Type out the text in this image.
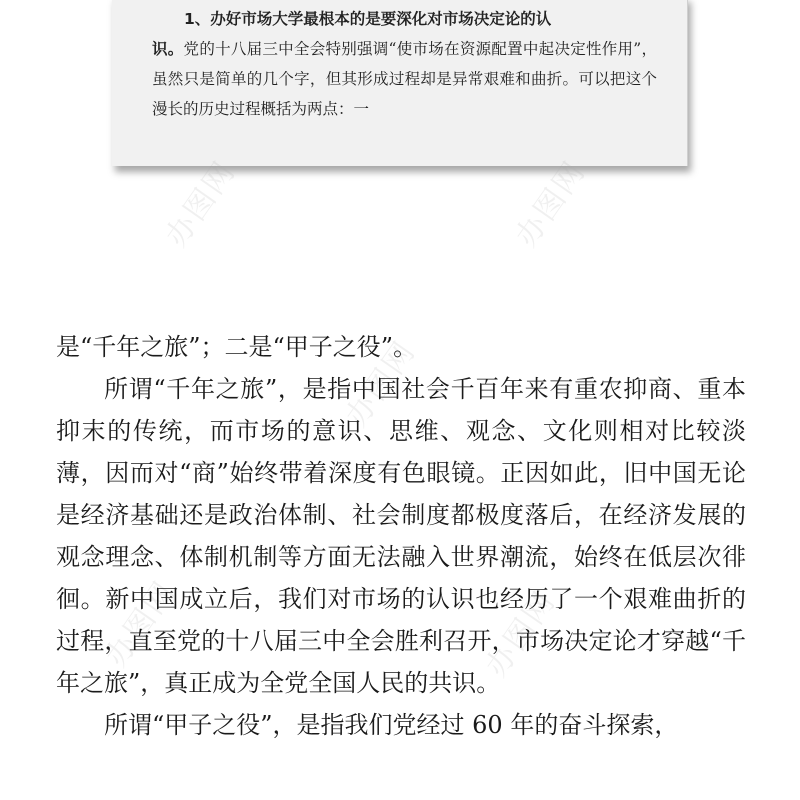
1、办好市场大学最根本的是要深化对市场决定论的认
识。党的十八届三中全会特别强调“使市场在资源配置中起决定性作用”，虽然只是简单的几个字，但其形成过程却是异常艰难和曲折。可以把这个漫长的历史过程概括为两点：一

办图网	办图网
办图网
办图网	办图网

是“千年之旅”；二是“甲子之役”。

所谓“千年之旅”，是指中国社会千百年来有重农抑商、重本抑末的传统，而市场的意识、思维、观念、文化则相对比较淡薄，因而对“商”始终带着深度有色眼镜。正因如此，旧中国无论是经济基础还是政治体制、社会制度都极度落后，在经济发展的观念理念、体制机制等方面无法融入世界潮流，始终在低层次徘徊。新中国成立后，我们对市场的认识也经历了一个艰难曲折的过程，直至党的十八届三中全会胜利召开，市场决定论才穿越“千年之旅”，真正成为全党全国人民的共识。

所谓“甲子之役”，是指我们党经过 60 年的奋斗探索，
